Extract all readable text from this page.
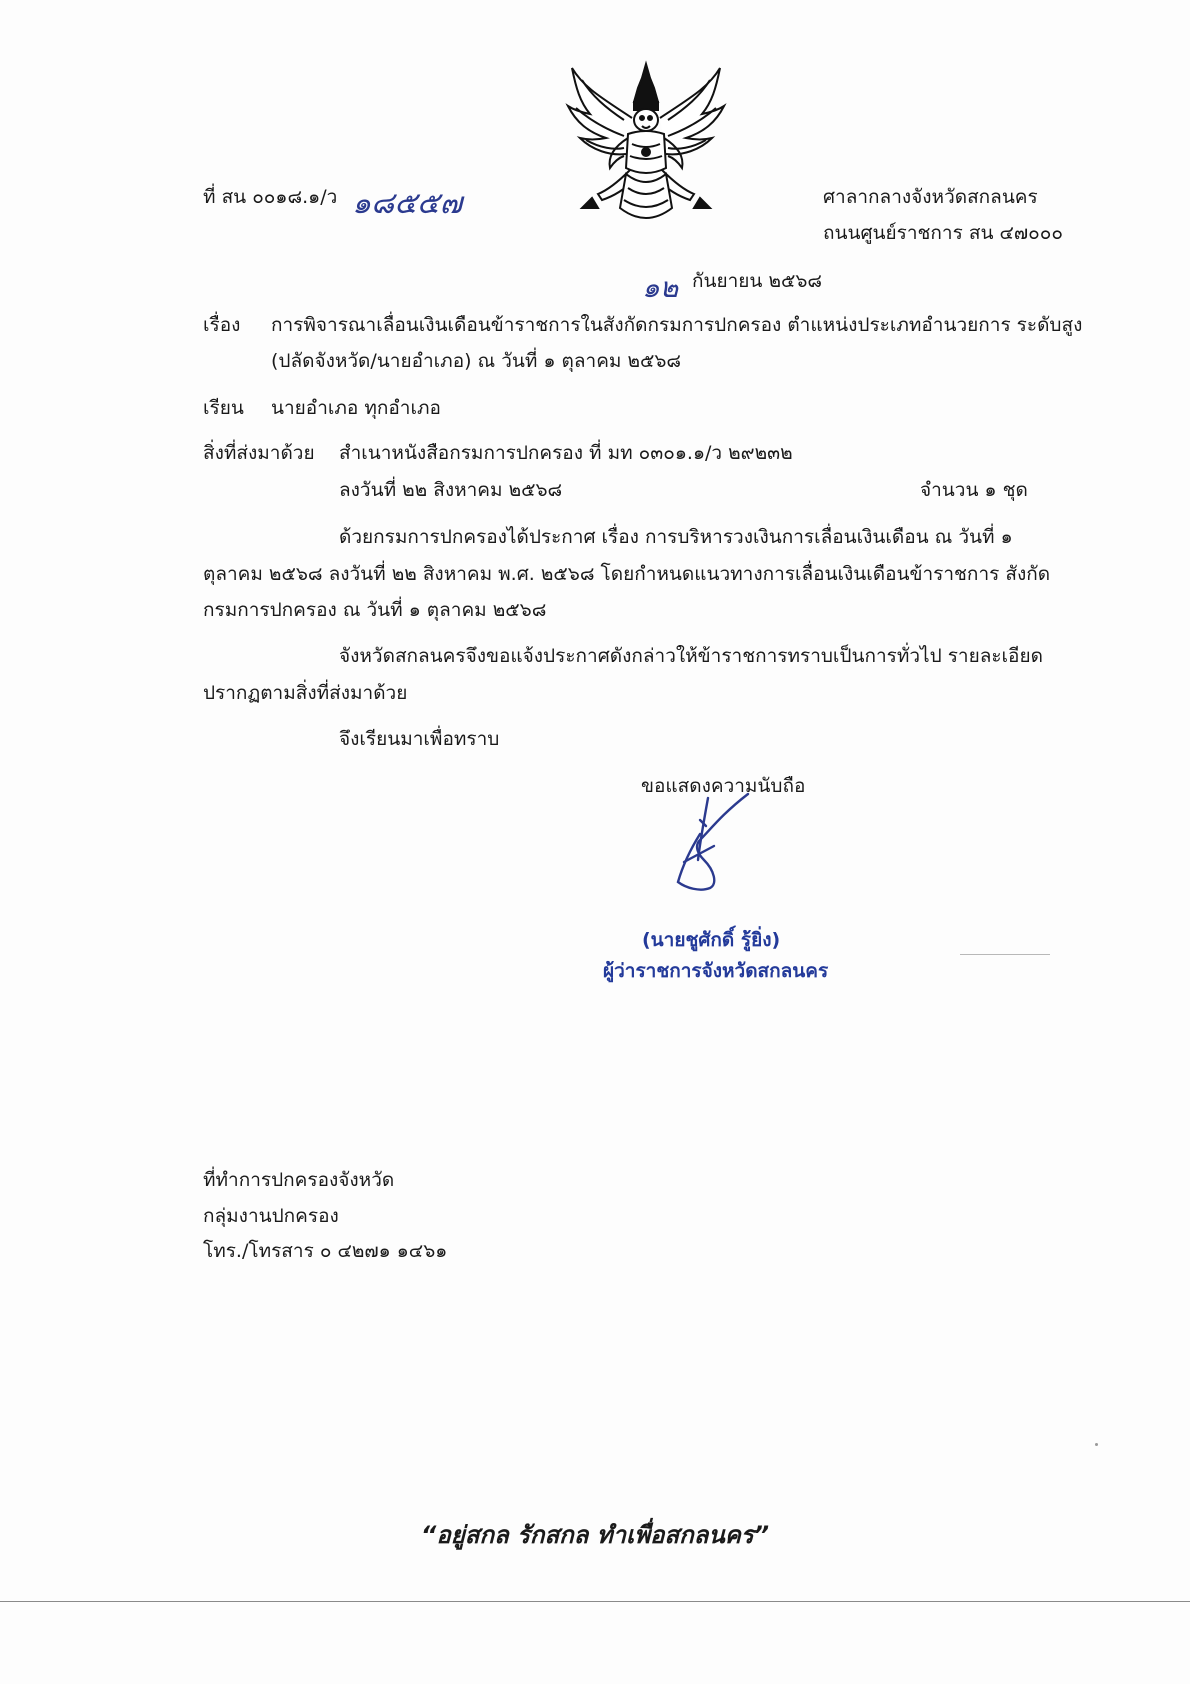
ที่ สน ๐๐๑๘.๑/ว ๑๘๕๕๗	ศาลากลางจังหวัดสกลนคร
ถนนศูนย์ราชการ สน ๔๗๐๐๐
๑๒ กันยายน ๒๕๖๘
เรื่อง การพิจารณาเลื่อนเงินเดือนข้าราชการในสังกัดกรมการปกครอง ตำแหน่งประเภทอำนวยการ ระดับสูง
(ปลัดจังหวัด/นายอำเภอ) ณ วันที่ ๑ ตุลาคม ๒๕๖๘
เรียน นายอำเภอ ทุกอำเภอ
สิ่งที่ส่งมาด้วย สำเนาหนังสือกรมการปกครอง ที่ มท ๐๓๐๑.๑/ว ๒๙๒๓๒
ลงวันที่ ๒๒ สิงหาคม ๒๕๖๘	จำนวน ๑ ชุด
ด้วยกรมการปกครองได้ประกาศ เรื่อง การบริหารวงเงินการเลื่อนเงินเดือน ณ วันที่ ๑
ตุลาคม ๒๕๖๘ ลงวันที่ ๒๒ สิงหาคม พ.ศ. ๒๕๖๘ โดยกำหนดแนวทางการเลื่อนเงินเดือนข้าราชการ สังกัด
กรมการปกครอง ณ วันที่ ๑ ตุลาคม ๒๕๖๘
จังหวัดสกลนครจึงขอแจ้งประกาศดังกล่าวให้ข้าราชการทราบเป็นการทั่วไป รายละเอียด
ปรากฏตามสิ่งที่ส่งมาด้วย
จึงเรียนมาเพื่อทราบ
ขอแสดงความนับถือ
(นายชูศักดิ์ รู้ยิ่ง)
ผู้ว่าราชการจังหวัดสกลนคร
ที่ทำการปกครองจังหวัด
กลุ่มงานปกครอง
โทร./โทรสาร ๐ ๔๒๗๑ ๑๔๖๑
“อยู่สกล รักสกล ทำเพื่อสกลนคร”
